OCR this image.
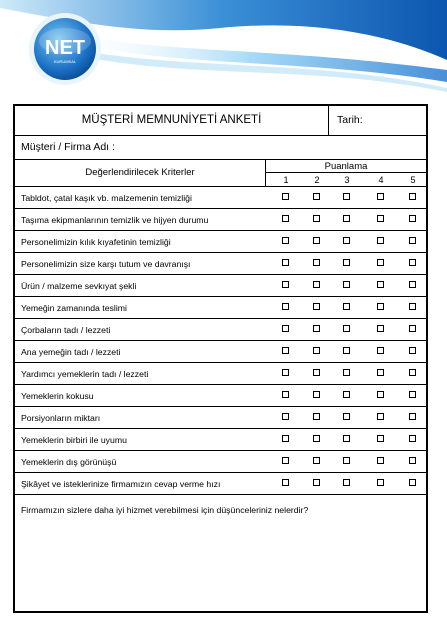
NET
KURUMSAL
MÜŞTERİ MEMNUNİYETİ ANKETİ	Tarih:
Müşteri / Firma Adı :
Değerlendirilecek Kriterler
Puanlama
1	2	3	4	5
Tabldot, çatal kaşık vb. malzemenin temizliği
Taşıma ekipmanlarının temizlik ve hijyen durumu
Personelimizin kılık kıyafetinin temizliği
Personelimizin size karşı tutum ve davranışı
Ürün / malzeme sevkıyat şekli
Yemeğin zamanında teslimi
Çorbaların tadı / lezzeti
Ana yemeğin tadı / lezzeti
Yardımcı yemeklerin tadı / lezzeti
Yemeklerin kokusu
Porsiyonların miktarı
Yemeklerin birbiri ile uyumu
Yemeklerin dış görünüşü
Şikâyet ve isteklerinize firmamızın cevap verme hızı
Firmamızın sizlere daha iyi hizmet verebilmesi için düşünceleriniz nelerdir?
